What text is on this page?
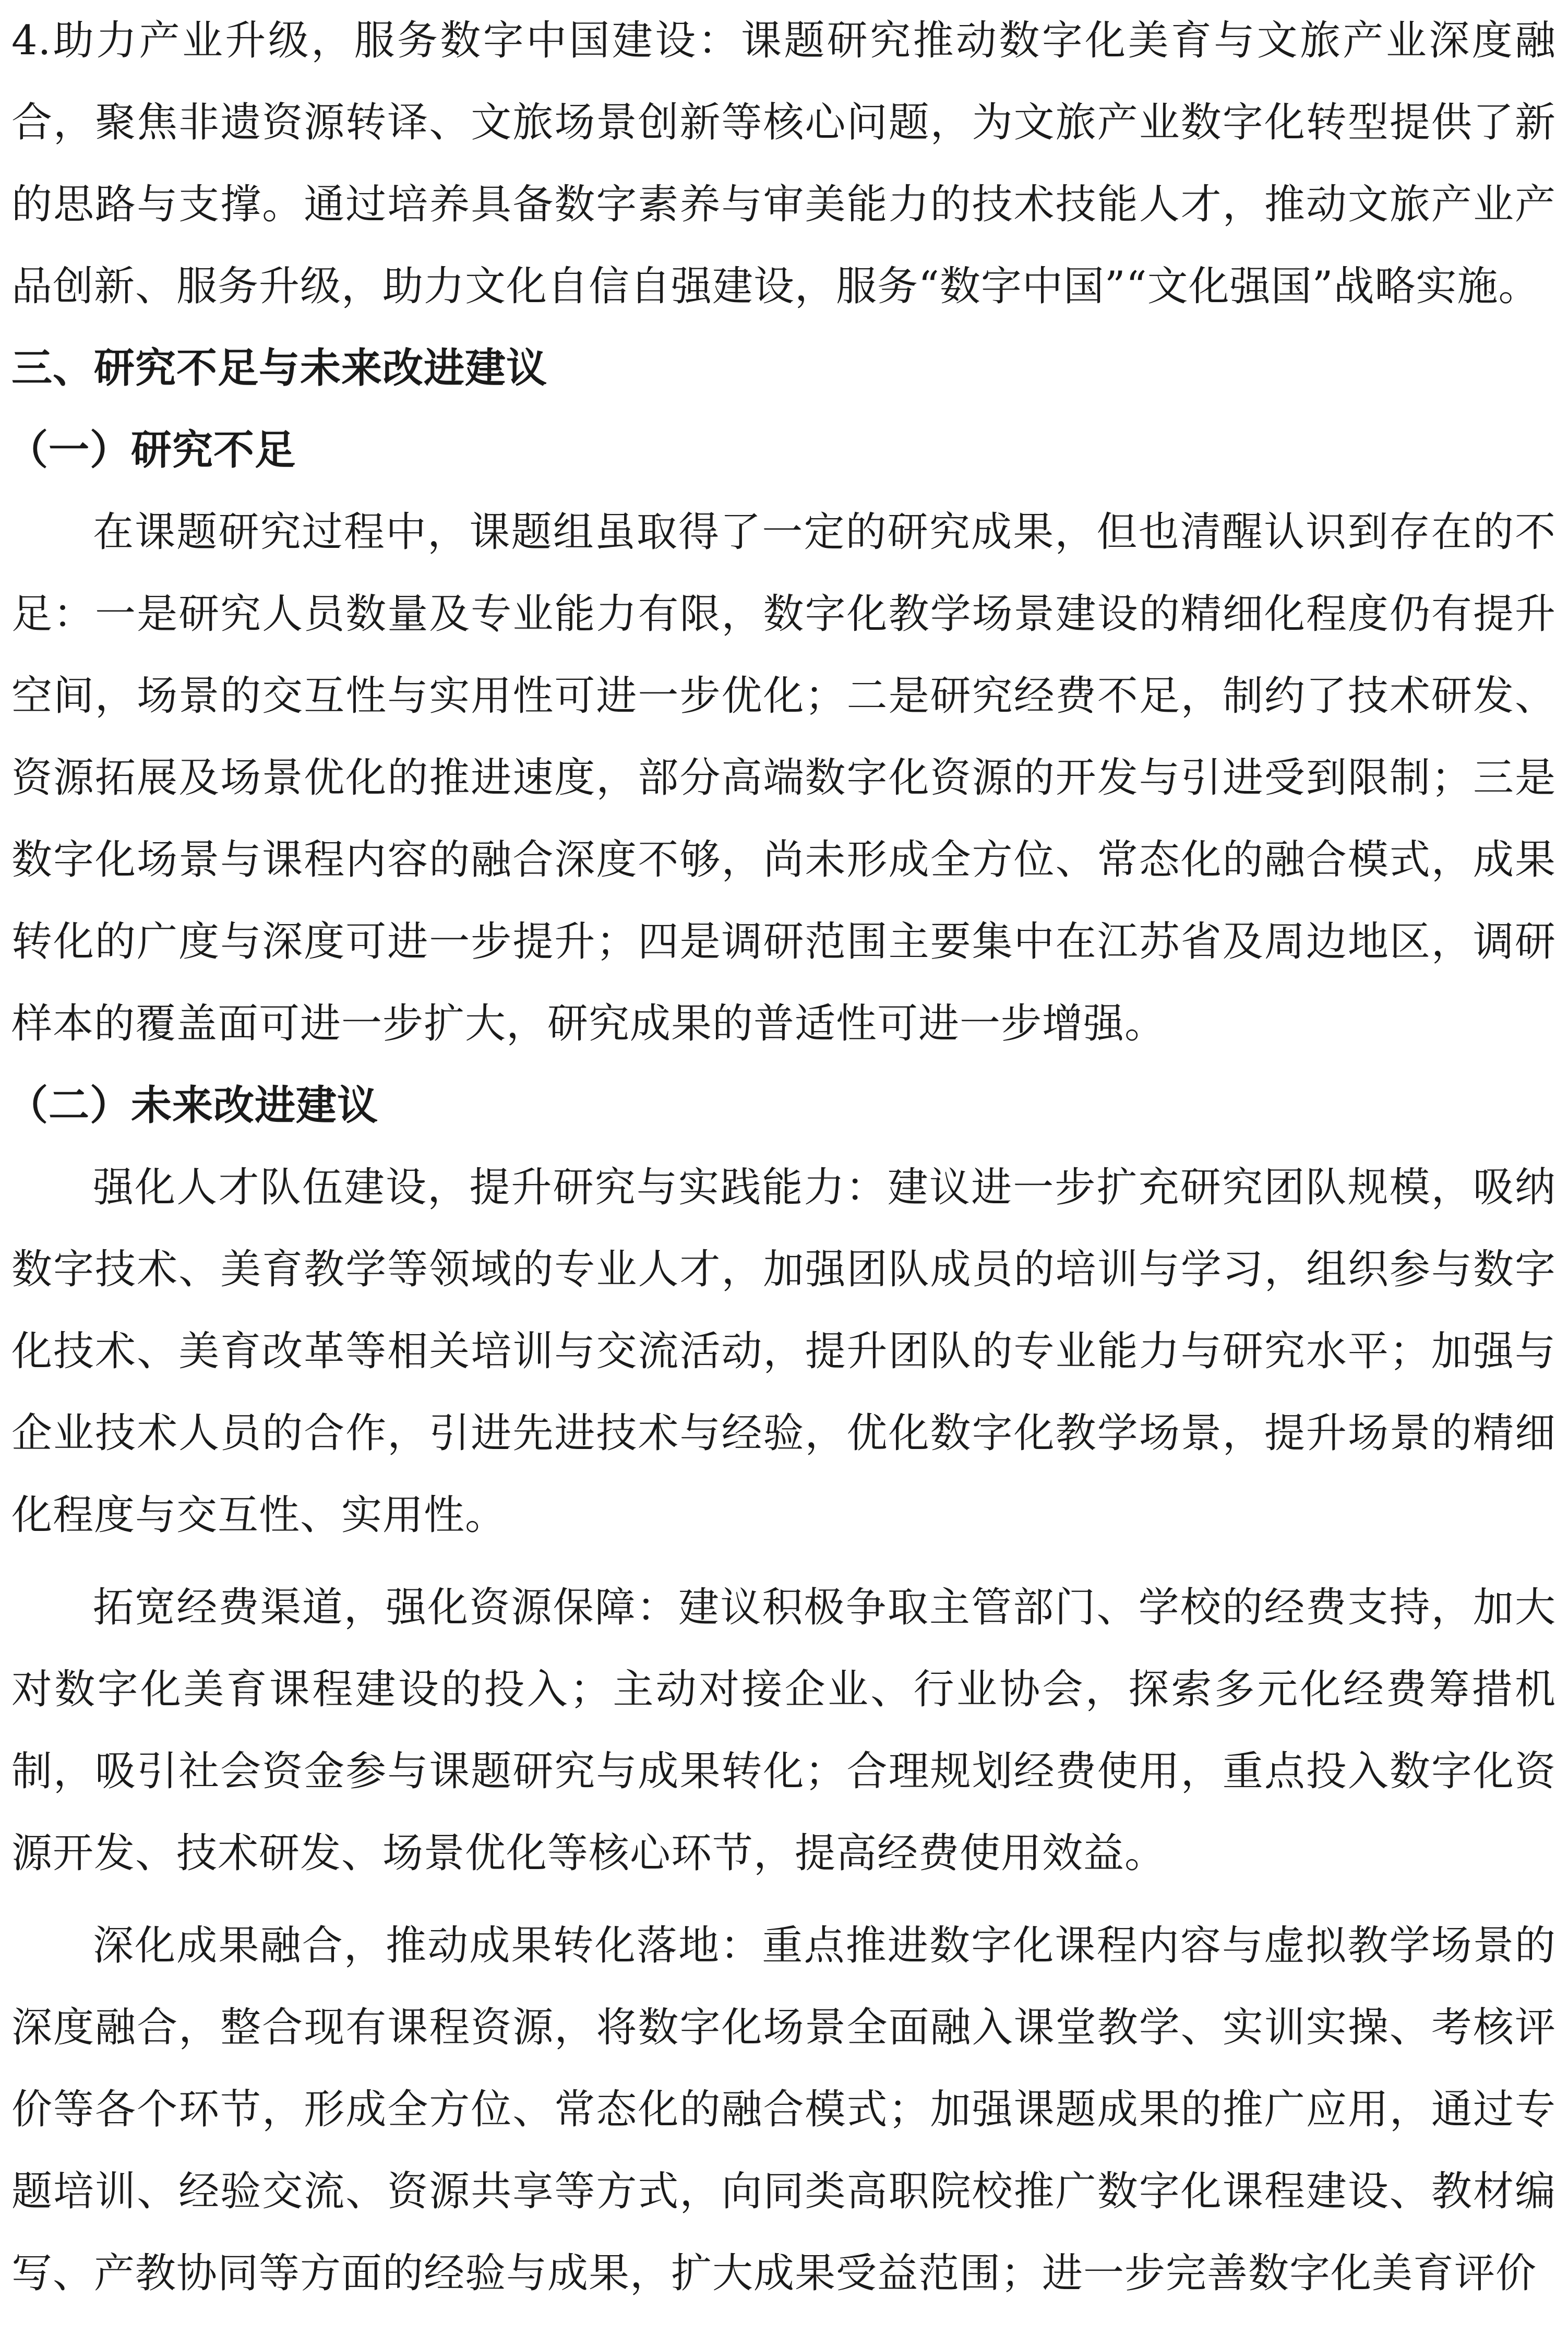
4.助力产业升级，服务数字中国建设：课题研究推动数字化美育与文旅产业深度融合，聚焦非遗资源转译、文旅场景创新等核心问题，为文旅产业数字化转型提供了新的思路与支撑。通过培养具备数字素养与审美能力的技术技能人才，推动文旅产业产品创新、服务升级，助力文化自信自强建设，服务“数字中国”“文化强国”战略实施。

三、研究不足与未来改进建议
（一）研究不足

在课题研究过程中，课题组虽取得了一定的研究成果，但也清醒认识到存在的不足：一是研究人员数量及专业能力有限，数字化教学场景建设的精细化程度仍有提升空间，场景的交互性与实用性可进一步优化；二是研究经费不足，制约了技术研发、资源拓展及场景优化的推进速度，部分高端数字化资源的开发与引进受到限制；三是数字化场景与课程内容的融合深度不够，尚未形成全方位、常态化的融合模式，成果转化的广度与深度可进一步提升；四是调研范围主要集中在江苏省及周边地区，调研样本的覆盖面可进一步扩大，研究成果的普适性可进一步增强。

（二）未来改进建议

强化人才队伍建设，提升研究与实践能力：建议进一步扩充研究团队规模，吸纳数字技术、美育教学等领域的专业人才，加强团队成员的培训与学习，组织参与数字化技术、美育改革等相关培训与交流活动，提升团队的专业能力与研究水平；加强与企业技术人员的合作，引进先进技术与经验，优化数字化教学场景，提升场景的精细化程度与交互性、实用性。

拓宽经费渠道，强化资源保障：建议积极争取主管部门、学校的经费支持，加大对数字化美育课程建设的投入；主动对接企业、行业协会，探索多元化经费筹措机制，吸引社会资金参与课题研究与成果转化；合理规划经费使用，重点投入数字化资源开发、技术研发、场景优化等核心环节，提高经费使用效益。

深化成果融合，推动成果转化落地：重点推进数字化课程内容与虚拟教学场景的深度融合，整合现有课程资源，将数字化场景全面融入课堂教学、实训实操、考核评价等各个环节，形成全方位、常态化的融合模式；加强课题成果的推广应用，通过专题培训、经验交流、资源共享等方式，向同类高职院校推广数字化课程建设、教材编写、产教协同等方面的经验与成果，扩大成果受益范围；进一步完善数字化美育评价
